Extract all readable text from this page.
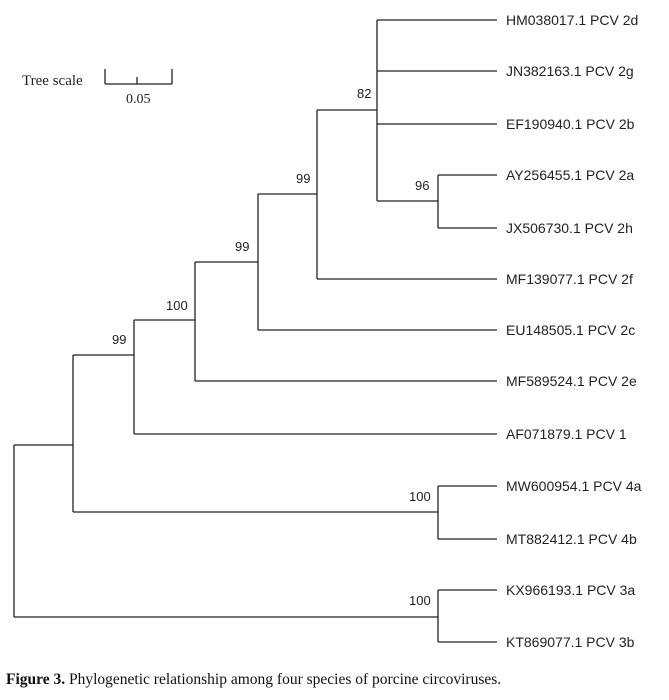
Tree scale
0.05	82
96
99
99
100
99
100
100
HM038017.1 PCV 2d
JN382163.1 PCV 2g
EF190940.1 PCV 2b
AY256455.1 PCV 2a
JX506730.1 PCV 2h
MF139077.1 PCV 2f
EU148505.1 PCV 2c
MF589524.1 PCV 2e
AF071879.1 PCV 1
MW600954.1 PCV 4a
MT882412.1 PCV 4b
KX966193.1 PCV 3a
KT869077.1 PCV 3b
Figure 3. Phylogenetic relationship among four species of porcine circoviruses.
